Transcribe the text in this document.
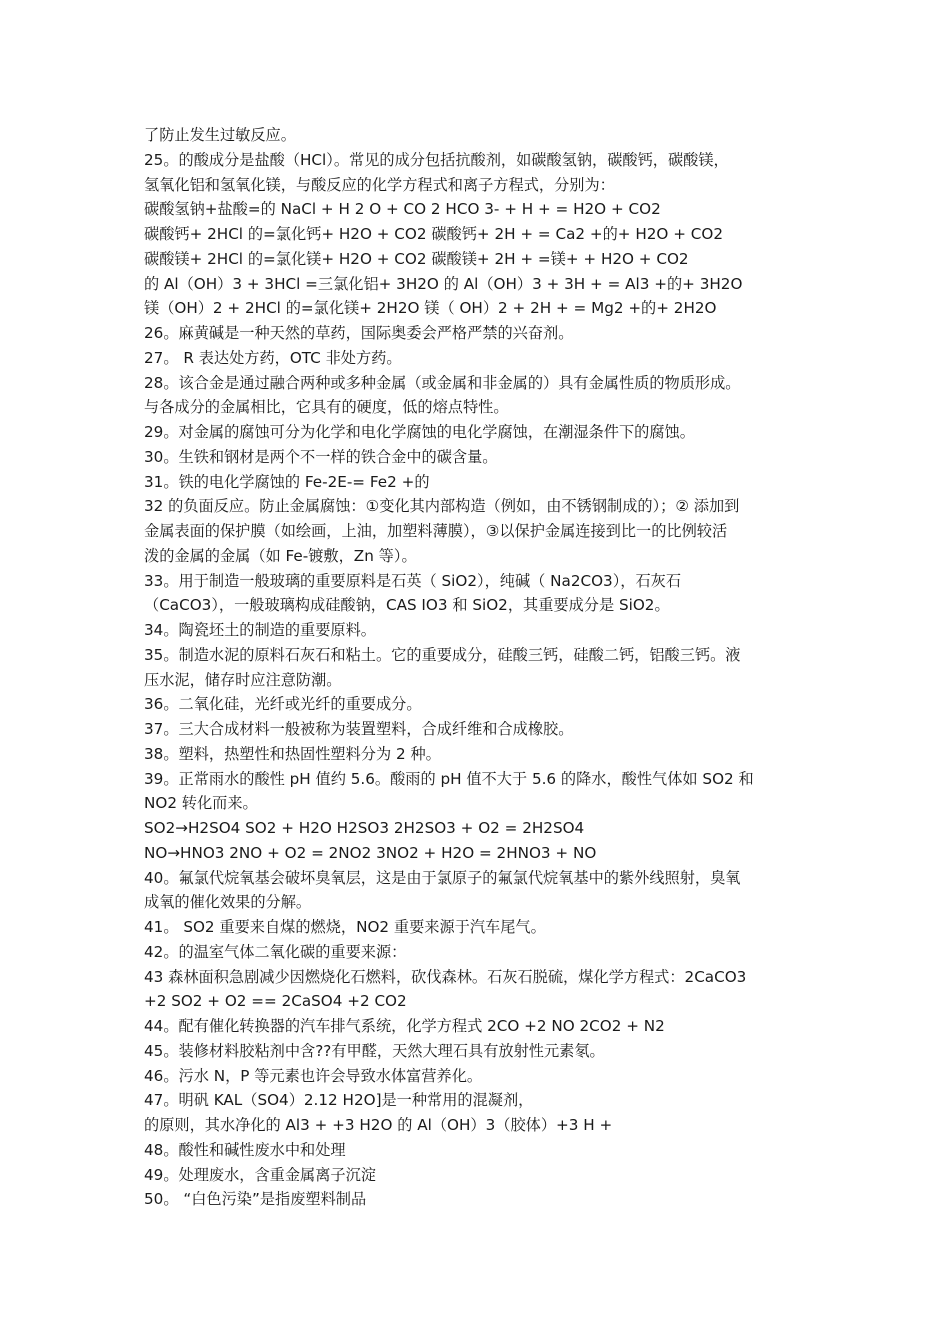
了防止发生过敏反应。
25。的酸成分是盐酸（HCl）。常见的成分包括抗酸剂，如碳酸氢钠，碳酸钙，碳酸镁，
氢氧化铝和氢氧化镁，与酸反应的化学方程式和离子方程式，分别为：
碳酸氢钠+盐酸=的 NaCl + H 2 O + CO 2 HCO 3- + H + = H2O + CO2
碳酸钙+ 2HCl 的=氯化钙+ H2O + CO2 碳酸钙+ 2H + = Ca2 +的+ H2O + CO2
碳酸镁+ 2HCl 的=氯化镁+ H2O + CO2 碳酸镁+ 2H + =镁+ + H2O + CO2
的 Al（OH）3 + 3HCl =三氯化铝+ 3H2O 的 Al（OH）3 + 3H + = Al3 +的+ 3H2O
镁（OH）2 + 2HCl 的=氯化镁+ 2H2O 镁（ OH）2 + 2H + = Mg2 +的+ 2H2O
26。麻黄碱是一种天然的草药，国际奥委会严格严禁的兴奋剂。
27。 R 表达处方药，OTC 非处方药。
28。该合金是通过融合两种或多种金属（或金属和非金属的）具有金属性质的物质形成。
与各成分的金属相比，它具有的硬度，低的熔点特性。
29。对金属的腐蚀可分为化学和电化学腐蚀的电化学腐蚀，在潮湿条件下的腐蚀。
30。生铁和钢材是两个不一样的铁合金中的碳含量。
31。铁的电化学腐蚀的 Fe-2E-= Fe2 +的
32 的负面反应。防止金属腐蚀：①变化其内部构造（例如，由不锈钢制成的）；② 添加到
金属表面的保护膜（如绘画，上油，加塑料薄膜），③以保护金属连接到比一的比例较活
泼的金属的金属（如 Fe-镀敷，Zn 等）。
33。用于制造一般玻璃的重要原料是石英（ SiO2），纯碱（ Na2CO3），石灰石
（CaCO3），一般玻璃构成硅酸钠，CAS IO3 和 SiO2，其重要成分是 SiO2。
34。陶瓷坯土的制造的重要原料。
35。制造水泥的原料石灰石和粘土。它的重要成分，硅酸三钙，硅酸二钙，铝酸三钙。液
压水泥，储存时应注意防潮。
36。二氧化硅，光纤或光纤的重要成分。
37。三大合成材料一般被称为装置塑料，合成纤维和合成橡胶。
38。塑料，热塑性和热固性塑料分为 2 种。
39。正常雨水的酸性 pH 值约 5.6。酸雨的 pH 值不大于 5.6 的降水，酸性气体如 SO2 和
NO2 转化而来。
SO2→H2SO4 SO2 + H2O H2SO3 2H2SO3 + O2 = 2H2SO4
NO→HNO3 2NO + O2 = 2NO2 3NO2 + H2O = 2HNO3 + NO
40。氟氯代烷氧基会破坏臭氧层，这是由于氯原子的氟氯代烷氧基中的紫外线照射，臭氧
成氧的催化效果的分解。
41。 SO2 重要来自煤的燃烧，NO2 重要来源于汽车尾气。
42。的温室气体二氧化碳的重要来源：
43 森林面积急剧减少因燃烧化石燃料，砍伐森林。石灰石脱硫，煤化学方程式：2CaCO3
+2 SO2 + O2 == 2CaSO4 +2 CO2
44。配有催化转换器的汽车排气系统，化学方程式 2CO +2 NO 2CO2 + N2
45。装修材料胶粘剂中含??有甲醛，天然大理石具有放射性元素氡。
46。污水 N，P 等元素也许会导致水体富营养化。
47。明矾 KAL（SO4）2.12 H2O]是一种常用的混凝剂，
的原则，其水净化的 Al3 + +3 H2O 的 Al（OH）3（胶体）+3 H +
48。酸性和碱性废水中和处理
49。处理废水，含重金属离子沉淀
50。 “白色污染”是指废塑料制品
